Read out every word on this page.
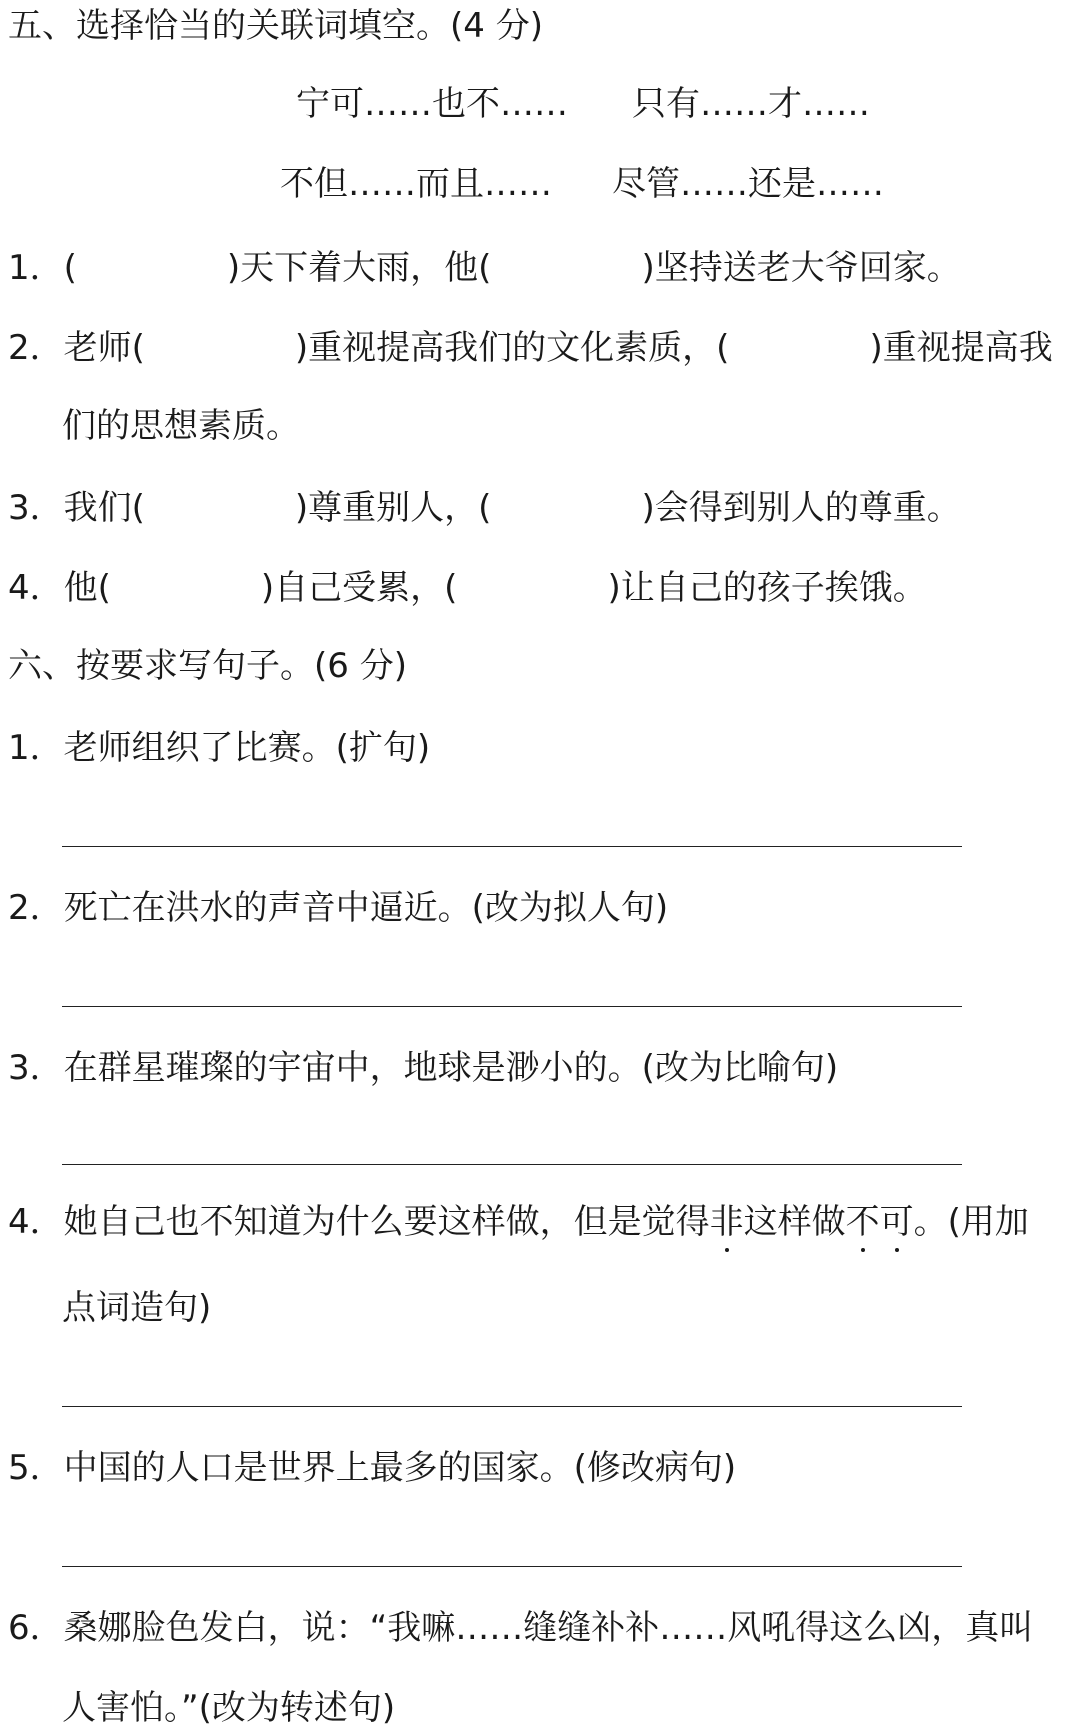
五、选择恰当的关联词填空。(4 分)
宁可……也不…… 只有……才……
不但……而且…… 尽管……还是……
1．(	)天下着大雨，他(	)坚持送老大爷回家。
2．老师(	)重视提高我们的文化素质，(	)重视提高我
们的思想素质。
3．我们(	)尊重别人，(	)会得到别人的尊重。
4．他(	)自己受累，(	)让自己的孩子挨饿。
六、按要求写句子。(6 分)
1．老师组织了比赛。(扩句)
2．死亡在洪水的声音中逼近。(改为拟人句)
3．在群星璀璨的宇宙中，地球是渺小的。(改为比喻句)
4．她自己也不知道为什么要这样做，但是觉得非这样做不可。(用加
点词造句)
5．中国的人口是世界上最多的国家。(修改病句)
6．桑娜脸色发白，说：“我嘛……缝缝补补……风吼得这么凶，真叫
人害怕。”(改为转述句)
